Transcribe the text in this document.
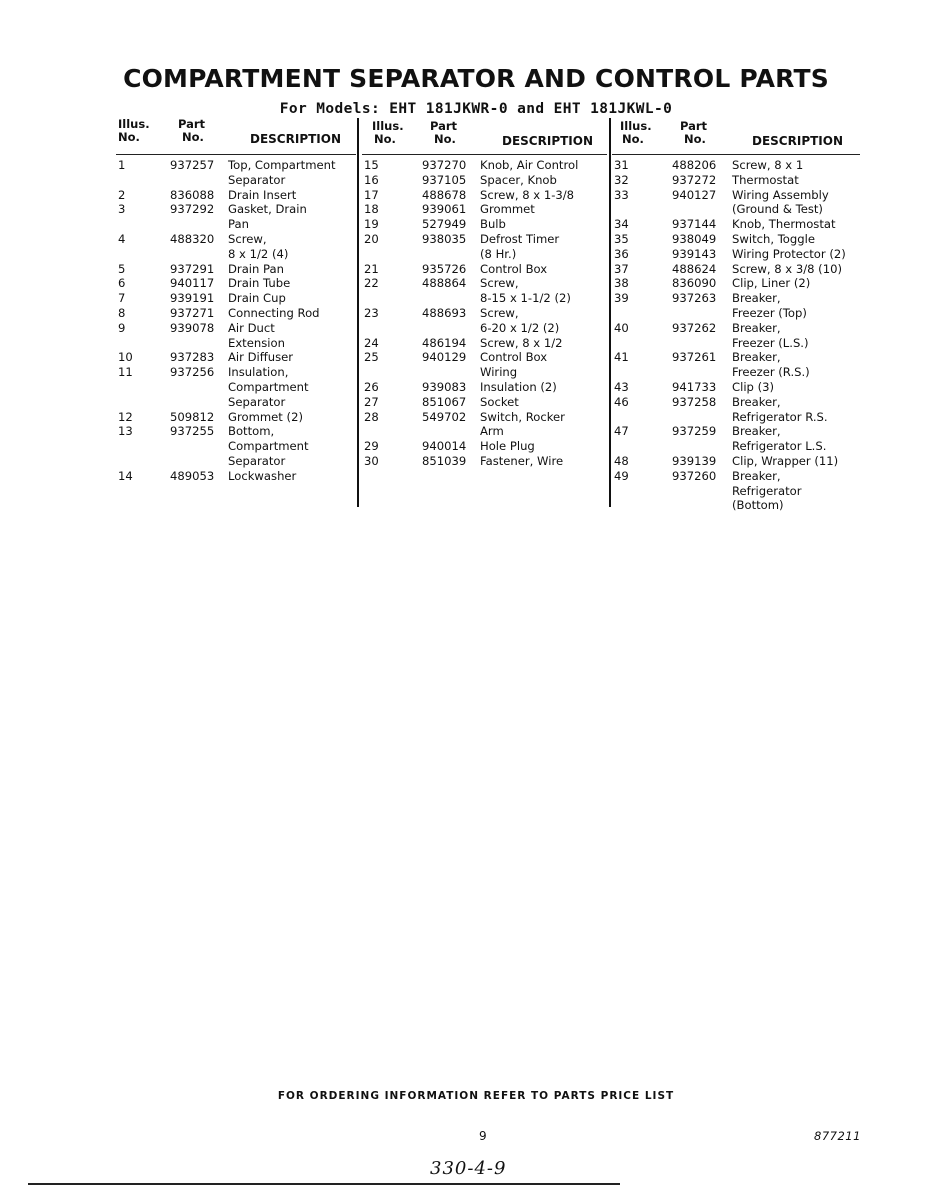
COMPARTMENT SEPARATOR AND CONTROL PARTS
For Models: EHT 181JKWR-0 and EHT 181JKWL-0
Illus.
No.
Part
No.	DESCRIPTION
1	937257 Top, Compartment
Separator
2	836088 Drain Insert
3	937292 Gasket, Drain
Pan
4	488320 Screw,
8 x 1/2 (4)
5	937291 Drain Pan
6	940117 Drain Tube
7	939191 Drain Cup
8	937271 Connecting Rod
9	939078 Air Duct
Extension
10	937283 Air Diffuser
11	937256 Insulation,
Compartment
Separator
12	509812 Grommet (2)
13	937255 Bottom,
Compartment
Separator
14	489053 Lockwasher
Illus.
No.
Part
No.	DESCRIPTION
15	937270 Knob, Air Control
16	937105 Spacer, Knob
17	488678 Screw, 8 x 1-3/8
18	939061 Grommet
19	527949 Bulb
20	938035 Defrost Timer
(8 Hr.)
21	935726 Control Box
22	488864 Screw,
8-15 x 1-1/2 (2)
23	488693 Screw,
6-20 x 1/2 (2)
24	486194 Screw, 8 x 1/2
25	940129 Control Box
Wiring
26	939083 Insulation (2)
27	851067 Socket
28	549702 Switch, Rocker
Arm
29	940014 Hole Plug
30	851039 Fastener, Wire
Illus.
No.
Part
No.	DESCRIPTION
31	488206 Screw, 8 x 1
32	937272 Thermostat
33	940127 Wiring Assembly
(Ground & Test)
34	937144 Knob, Thermostat
35	938049 Switch, Toggle
36	939143 Wiring Protector (2)
37	488624 Screw, 8 x 3/8 (10)
38	836090 Clip, Liner (2)
39	937263 Breaker,
Freezer (Top)
40	937262 Breaker,
Freezer (L.S.)
41	937261 Breaker,
Freezer (R.S.)
43	941733 Clip (3)
46	937258 Breaker,
Refrigerator R.S.
47	937259 Breaker,
Refrigerator L.S.
48	939139 Clip, Wrapper (11)
49	937260 Breaker,
Refrigerator
(Bottom)
FOR ORDERING INFORMATION REFER TO PARTS PRICE LIST
9	877211
330-4-9
